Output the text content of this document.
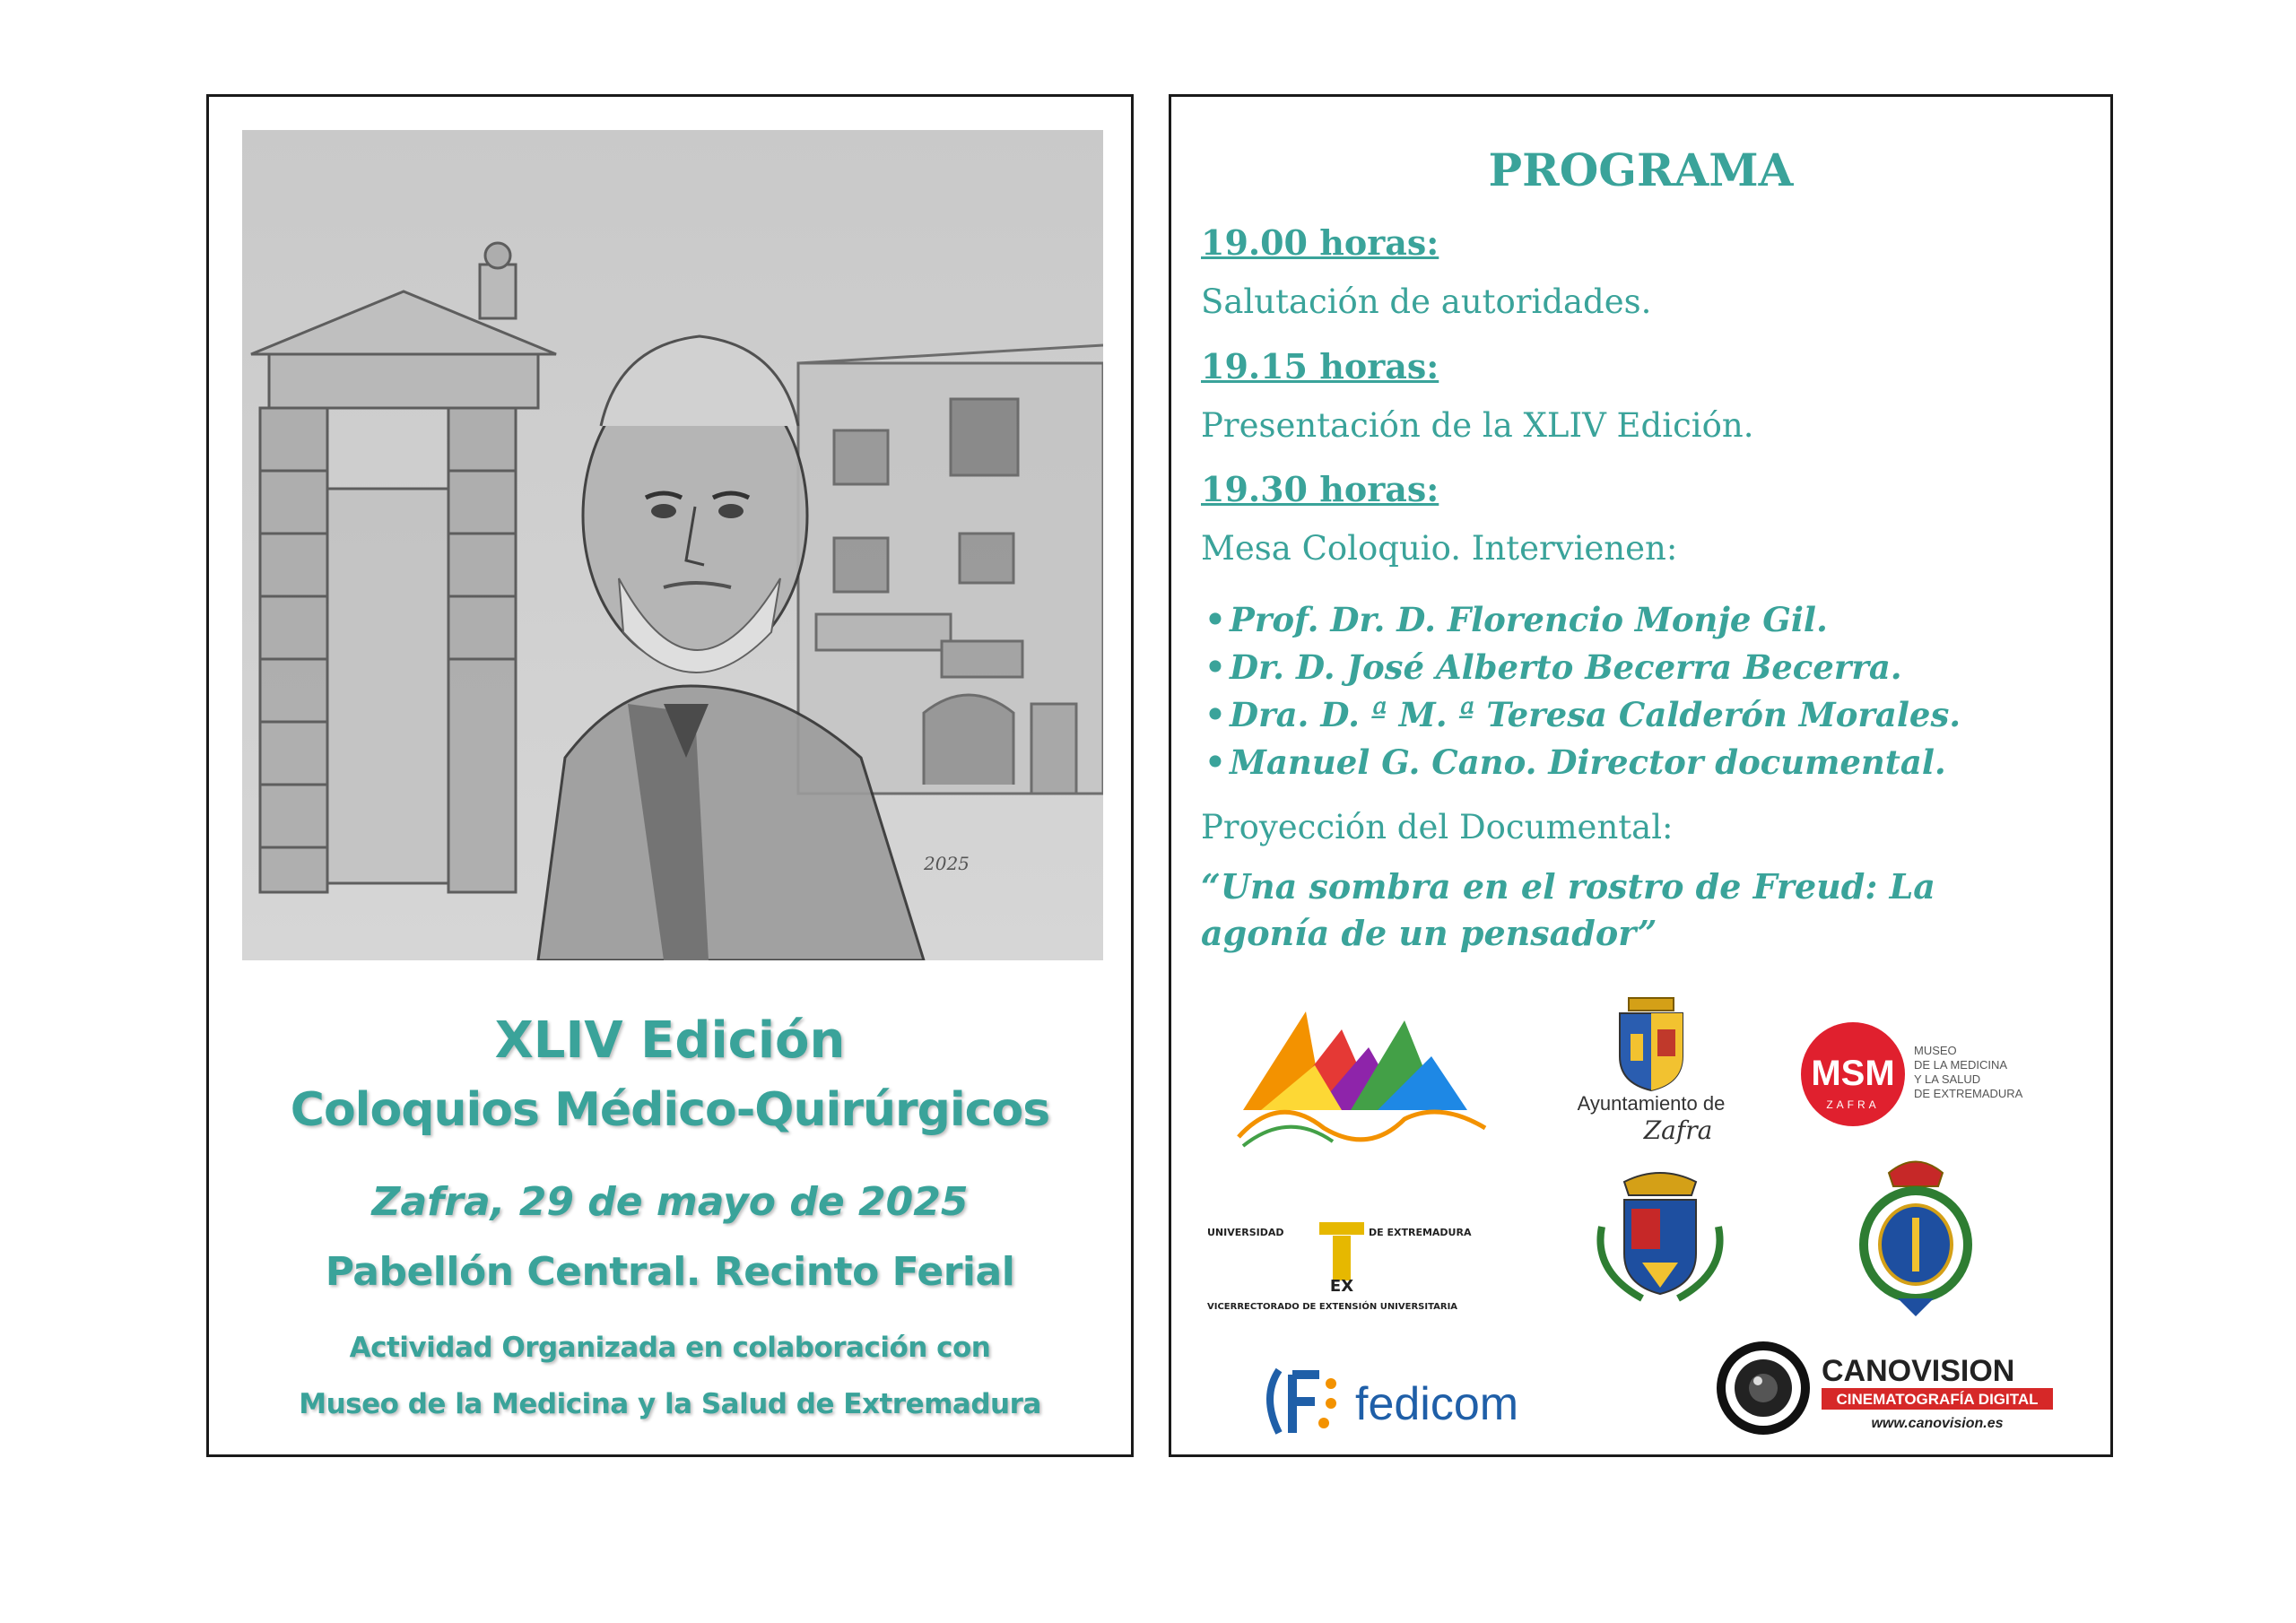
2025
XLIV Edición
Coloquios Médico-Quirúrgicos
Zafra, 29 de mayo de 2025
Pabellón Central. Recinto Ferial
Actividad Organizada en colaboración con
Museo de la Medicina y la Salud de Extremadura
PROGRAMA
19.00 horas:
Salutación de autoridades.
19.15 horas:
Presentación de la XLIV Edición.
19.30 horas:
Mesa Coloquio. Intervienen:
• Prof. Dr. D. Florencio Monje Gil.
• Dr. D. José Alberto Becerra Becerra.
• Dra. D. ª M. ª Teresa Calderón Morales.
• Manuel G. Cano. Director documental.
Proyección del Documental:
“Una sombra en el rostro de Freud: La
agonía de un pensador”
Ayuntamiento de
Zafra
MSM
ZAFRA
MUSEO
DE LA MEDICINA
Y LA SALUD
DE EXTREMADURA
UNIVERSIDAD	DE EXTREMADURA
EX
VICERRECTORADO DE EXTENSIÓN UNIVERSITARIA
fedicom
CANOVISION
CINEMATOGRAFÍA DIGITAL
www.canovision.es
